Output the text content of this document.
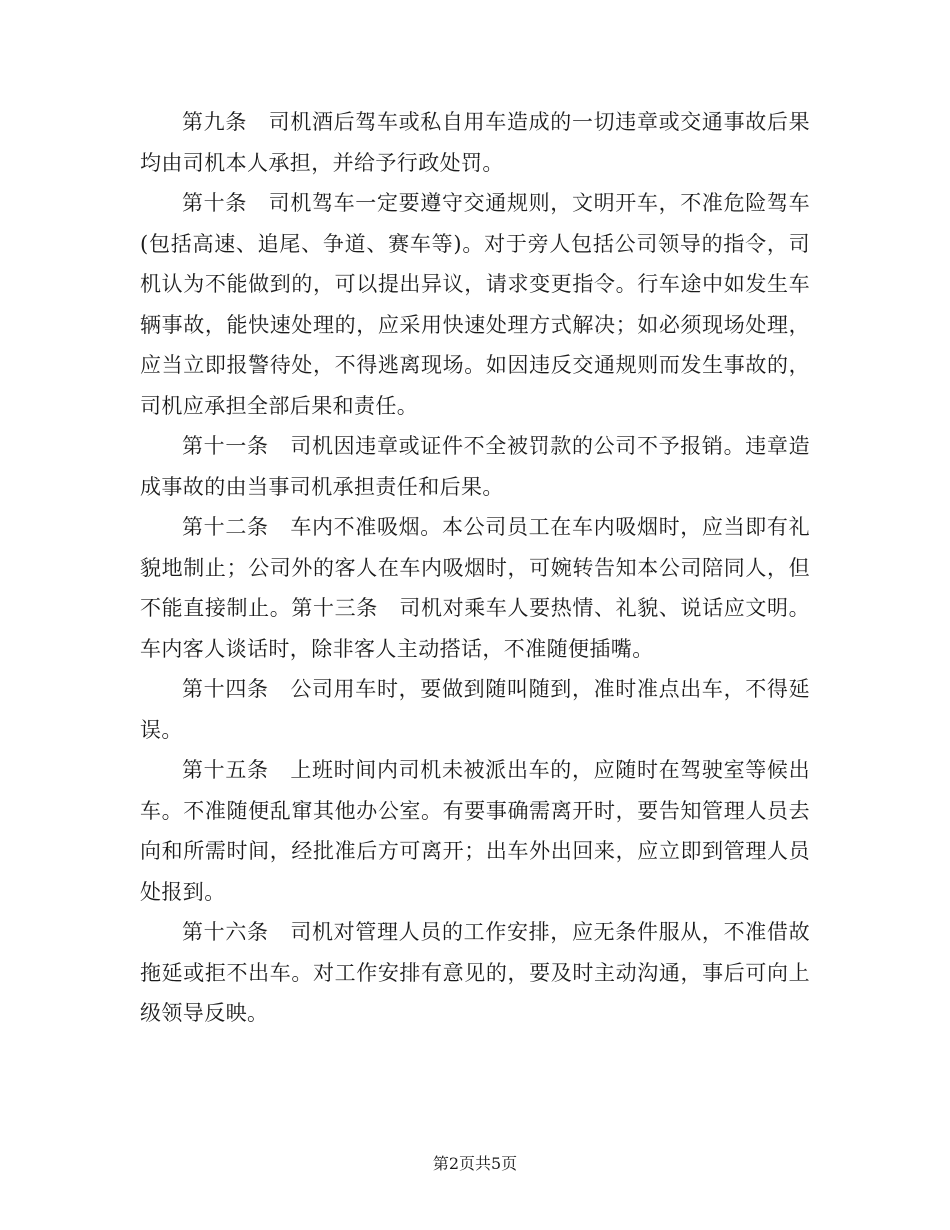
第九条　司机酒后驾车或私自用车造成的一切违章或交通事故后果均由司机本人承担，并给予行政处罚。

第十条　司机驾车一定要遵守交通规则，文明开车，不准危险驾车(包括高速、追尾、争道、赛车等)。对于旁人包括公司领导的指令，司机认为不能做到的，可以提出异议，请求变更指令。行车途中如发生车辆事故，能快速处理的，应采用快速处理方式解决；如必须现场处理，应当立即报警待处，不得逃离现场。如因违反交通规则而发生事故的，司机应承担全部后果和责任。

第十一条　司机因违章或证件不全被罚款的公司不予报销。违章造成事故的由当事司机承担责任和后果。

第十二条　车内不准吸烟。本公司员工在车内吸烟时，应当即有礼貌地制止；公司外的客人在车内吸烟时，可婉转告知本公司陪同人，但不能直接制止。第十三条　司机对乘车人要热情、礼貌、说话应文明。车内客人谈话时，除非客人主动搭话，不准随便插嘴。

第十四条　公司用车时，要做到随叫随到，准时准点出车，不得延误。

第十五条　上班时间内司机未被派出车的，应随时在驾驶室等候出车。不准随便乱窜其他办公室。有要事确需离开时，要告知管理人员去向和所需时间，经批准后方可离开；出车外出回来，应立即到管理人员处报到。

第十六条　司机对管理人员的工作安排，应无条件服从，不准借故拖延或拒不出车。对工作安排有意见的，要及时主动沟通，事后可向上级领导反映。

第2页共5页
